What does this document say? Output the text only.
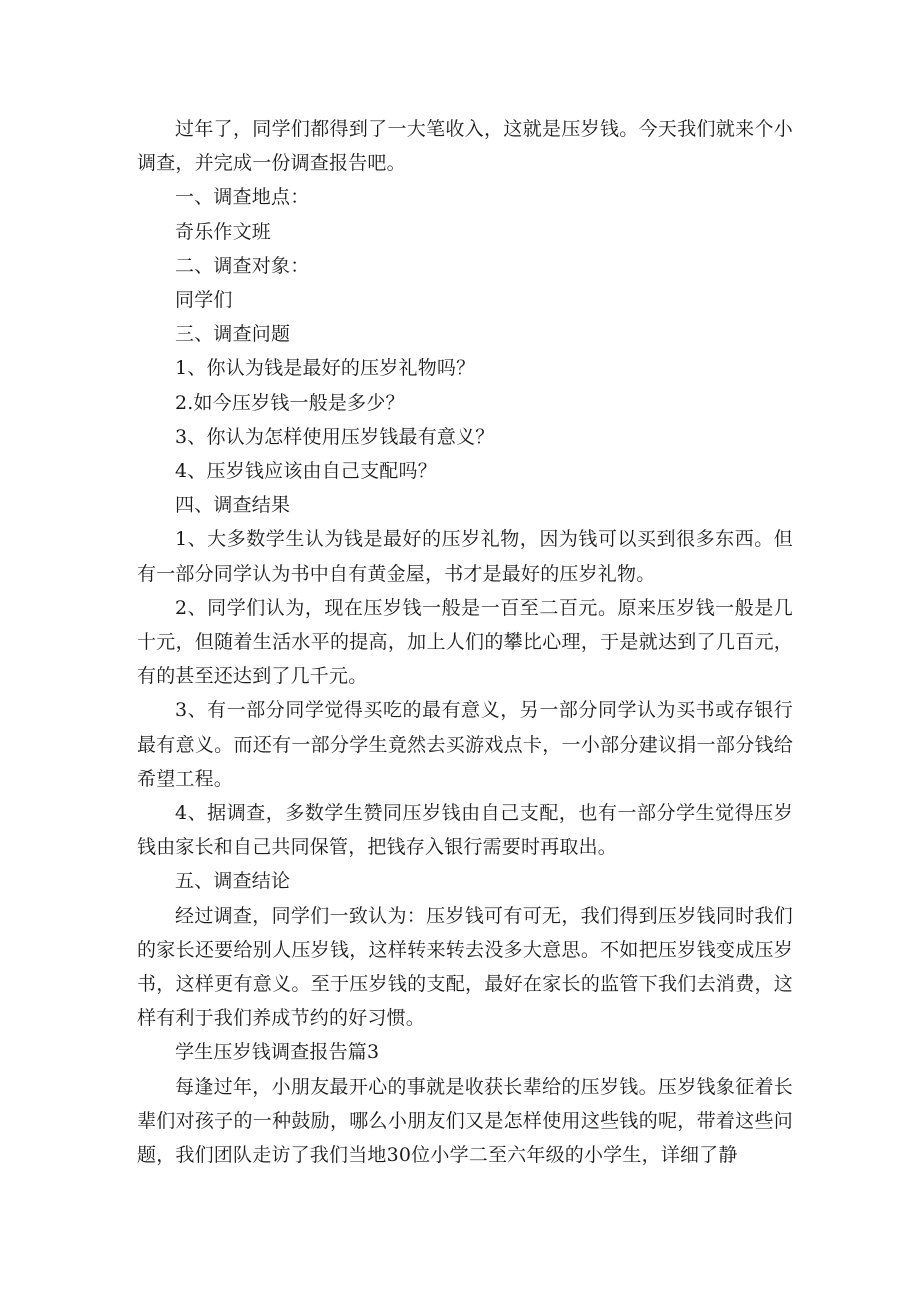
过年了，同学们都得到了一大笔收入，这就是压岁钱。今天我们就来个小调查，并完成一份调查报告吧。

一、调查地点：

奇乐作文班

二、调查对象：

同学们

三、调查问题

1、你认为钱是最好的压岁礼物吗？

2.如今压岁钱一般是多少？

3、你认为怎样使用压岁钱最有意义？

4、压岁钱应该由自己支配吗？

四、调查结果

1、大多数学生认为钱是最好的压岁礼物，因为钱可以买到很多东西。但有一部分同学认为书中自有黄金屋，书才是最好的压岁礼物。

2、同学们认为，现在压岁钱一般是一百至二百元。原来压岁钱一般是几十元，但随着生活水平的提高，加上人们的攀比心理，于是就达到了几百元，有的甚至还达到了几千元。

3、有一部分同学觉得买吃的最有意义，另一部分同学认为买书或存银行最有意义。而还有一部分学生竟然去买游戏点卡，一小部分建议捐一部分钱给希望工程。

4、据调查，多数学生赞同压岁钱由自己支配，也有一部分学生觉得压岁钱由家长和自己共同保管，把钱存入银行需要时再取出。

五、调查结论

经过调查，同学们一致认为：压岁钱可有可无，我们得到压岁钱同时我们的家长还要给别人压岁钱，这样转来转去没多大意思。不如把压岁钱变成压岁书，这样更有意义。至于压岁钱的支配，最好在家长的监管下我们去消费，这样有利于我们养成节约的好习惯。

学生压岁钱调查报告篇3

每逢过年，小朋友最开心的事就是收获长辈给的压岁钱。压岁钱象征着长辈们对孩子的一种鼓励，哪么小朋友们又是怎样使用这些钱的呢，带着这些问题，我们团队走访了我们当地30位小学二至六年级的小学生，详细了静
